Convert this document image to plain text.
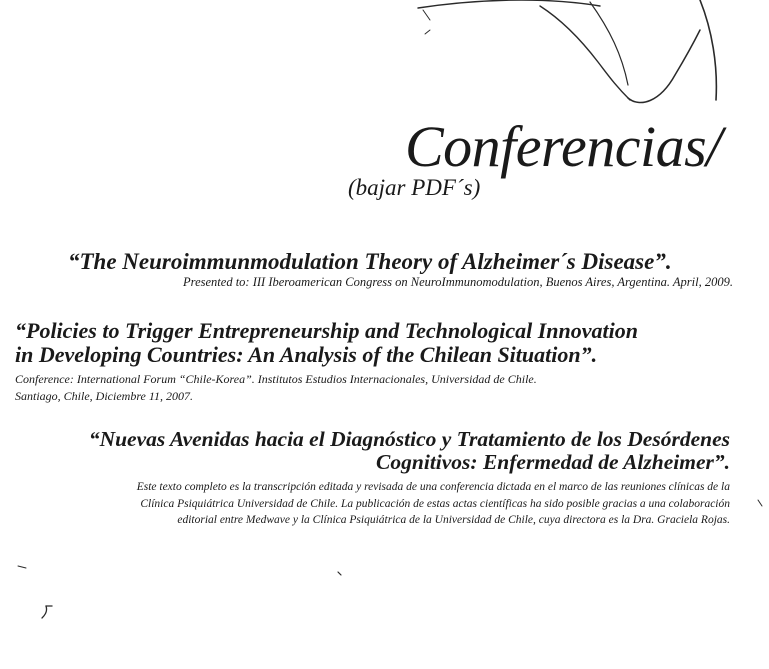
Conferencias/
(bajar PDF´s)
“The Neuroimmunmodulation Theory of Alzheimer´s Disease”.
Presented to: III Iberoamerican Congress on NeuroImmunomodulation, Buenos Aires, Argentina. April, 2009.
“Policies to Trigger Entrepreneurship and Technological Innovation
in Developing Countries: An Analysis of the Chilean Situation”.
Conference: International Forum “Chile-Korea”. Institutos Estudios Internacionales, Universidad de Chile.
Santiago, Chile, Diciembre 11, 2007.
“Nuevas Avenidas hacia el Diagnóstico y Tratamiento de los Desórdenes
Cognitivos: Enfermedad de Alzheimer”.
Este texto completo es la transcripción editada y revisada de una conferencia dictada en el marco de las reuniones clínicas de la
Clínica Psiquiátrica Universidad de Chile. La publicación de estas actas científicas ha sido posible gracias a una colaboración
editorial entre Medwave y la Clínica Psiquiátrica de la Universidad de Chile, cuya directora es la Dra. Graciela Rojas.
